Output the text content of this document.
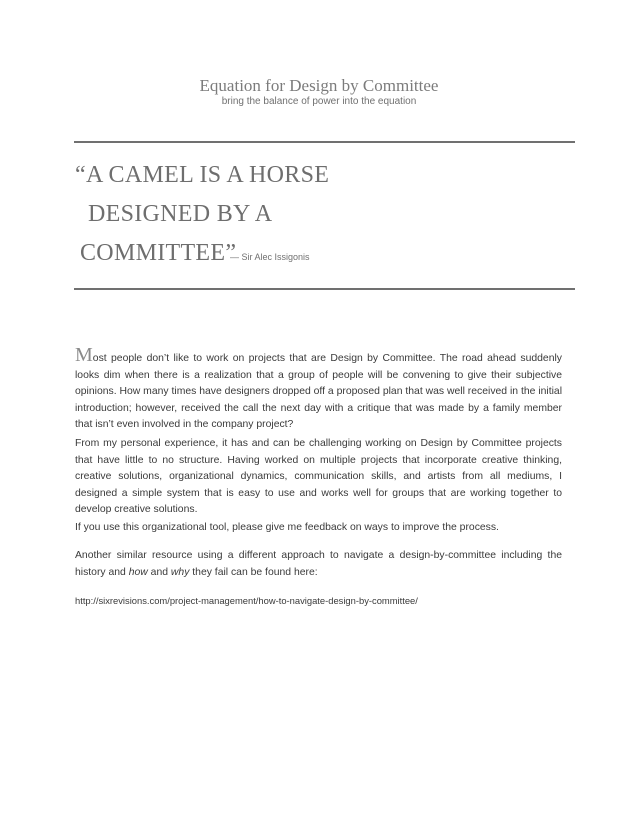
Equation for Design by Committee
bring the balance of power into the equation
“A CAMEL IS A HORSE
DESIGNED BY A
COMMITTEE”
— Sir Alec Issigonis
Most people don’t like to work on projects that are Design by Committee. The road ahead suddenly looks dim when there is a realization that a group of people will be convening to give their subjective opinions. How many times have designers dropped off a proposed plan that was well received in the initial introduction; however, received the call the next day with a critique that was made by a family member that isn’t even involved in the company project?
From my personal experience, it has and can be challenging working on Design by Committee projects that have little to no structure. Having worked on multiple projects that incorporate creative thinking, creative solutions, organizational dynamics, communication skills, and artists from all mediums, I designed a simple system that is easy to use and works well for groups that are working together to develop creative solutions.
If you use this organizational tool, please give me feedback on ways to improve the process.
Another similar resource using a different approach to navigate a design-by-committee including the history and how and why they fail can be found here:
http://sixrevisions.com/project-management/how-to-navigate-design-by-committee/
